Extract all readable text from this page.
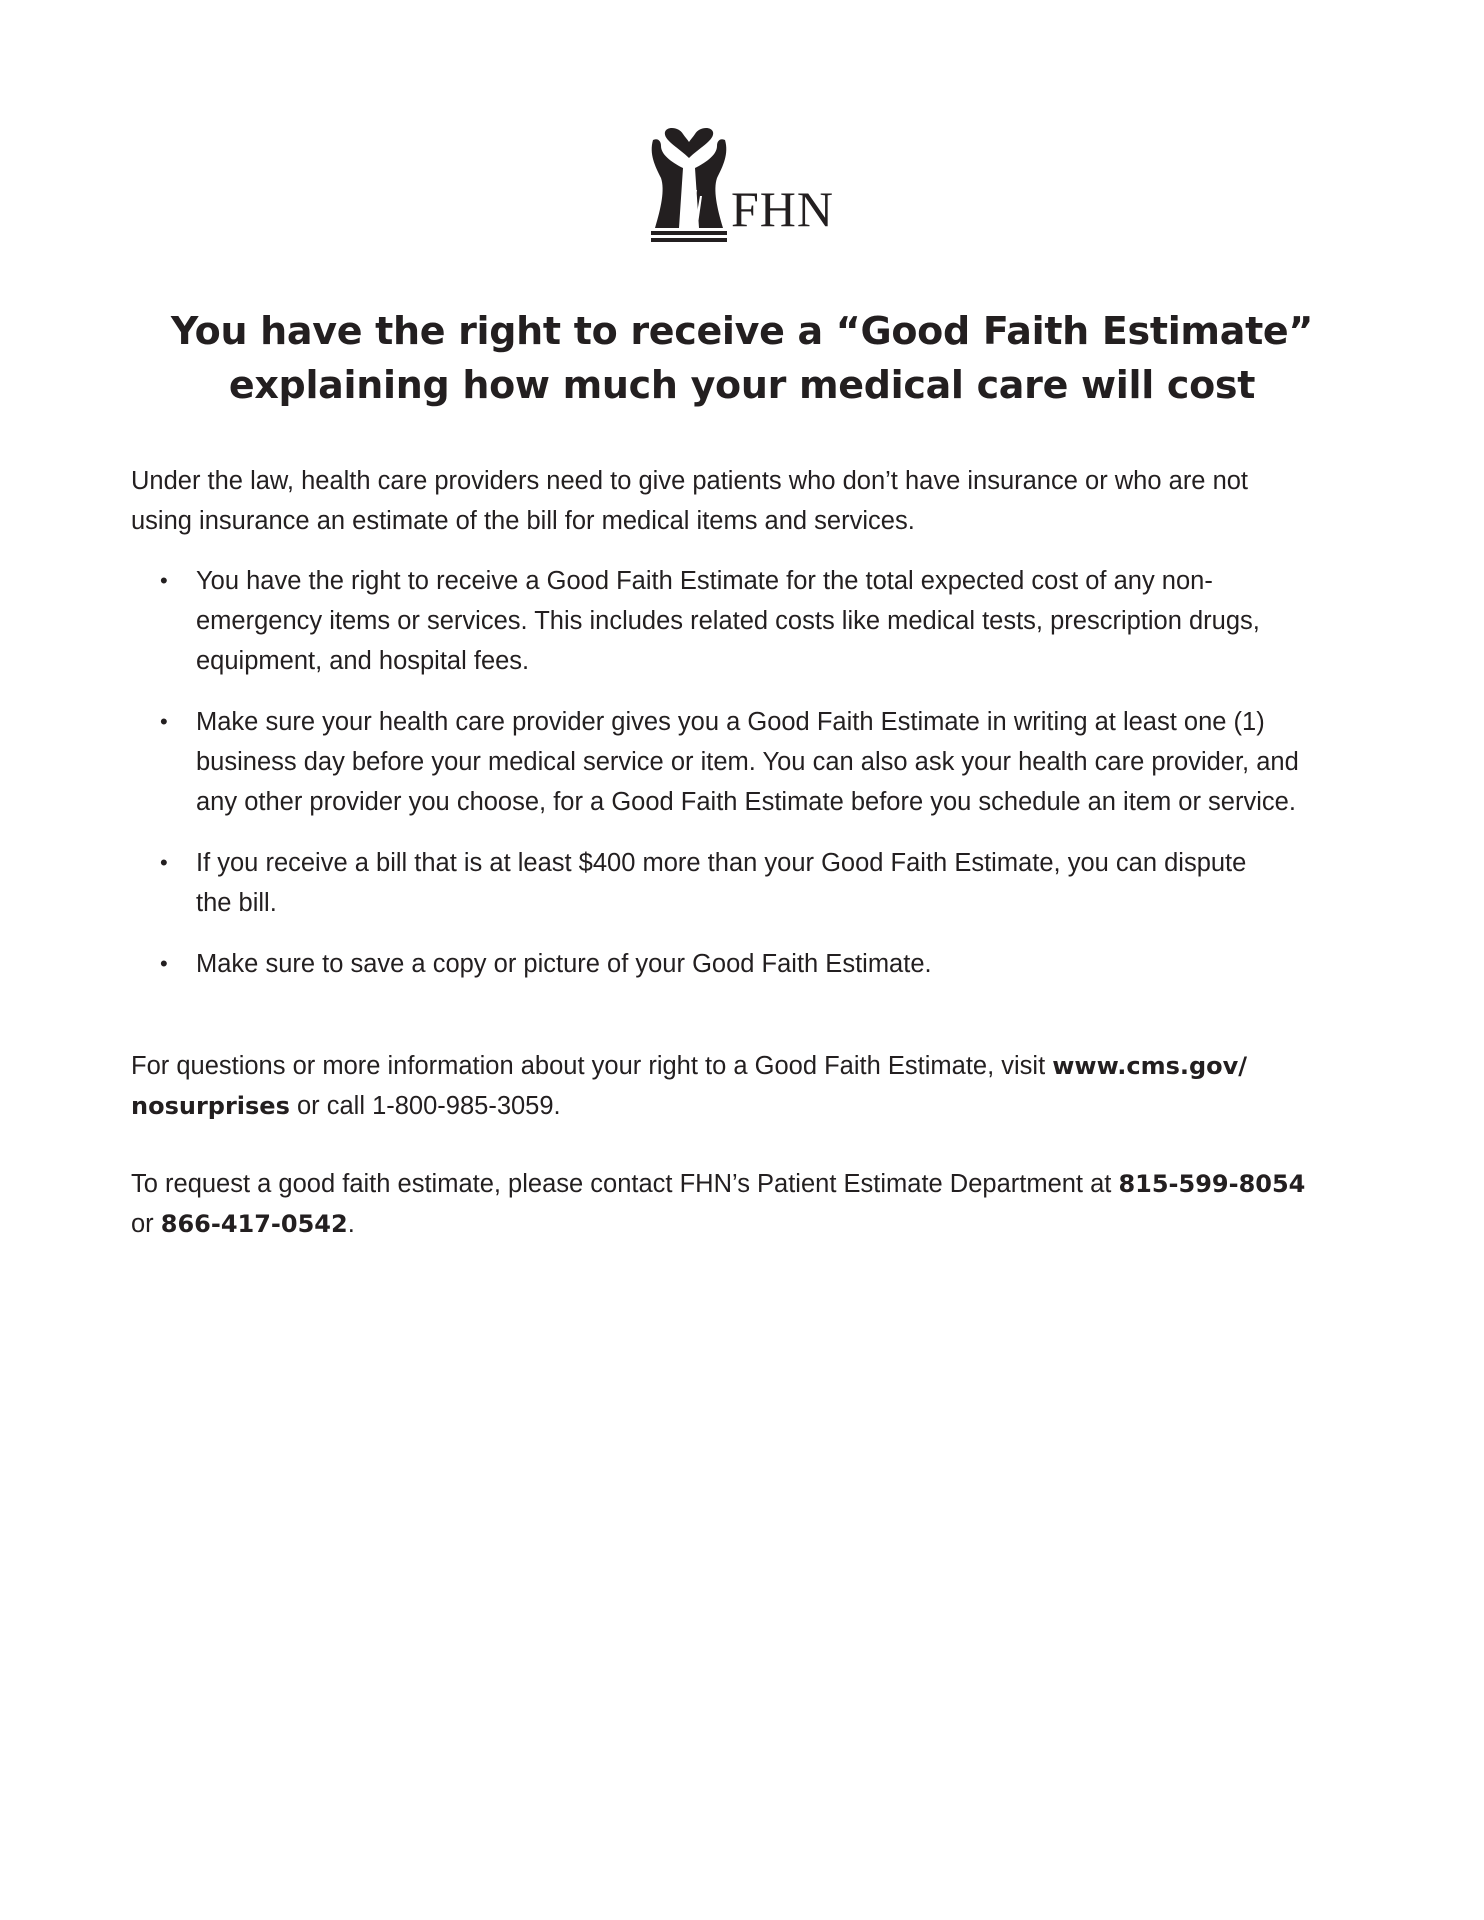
FHN
You have the right to receive a “Good Faith Estimate”
explaining how much your medical care will cost
Under the law, health care providers need to give patients who don’t have insurance or who are not
using insurance an estimate of the bill for medical items and services.
• You have the right to receive a Good Faith Estimate for the total expected cost of any non-
emergency items or services. This includes related costs like medical tests, prescription drugs,
equipment, and hospital fees.
• Make sure your health care provider gives you a Good Faith Estimate in writing at least one (1)
business day before your medical service or item. You can also ask your health care provider, and
any other provider you choose, for a Good Faith Estimate before you schedule an item or service.
• If you receive a bill that is at least $400 more than your Good Faith Estimate, you can dispute
the bill.
• Make sure to save a copy or picture of your Good Faith Estimate.
For questions or more information about your right to a Good Faith Estimate, visit www.cms.gov/
nosurprises or call 1-800-985-3059.
To request a good faith estimate, please contact FHN’s Patient Estimate Department at 815-599-8054
or 866-417-0542.
